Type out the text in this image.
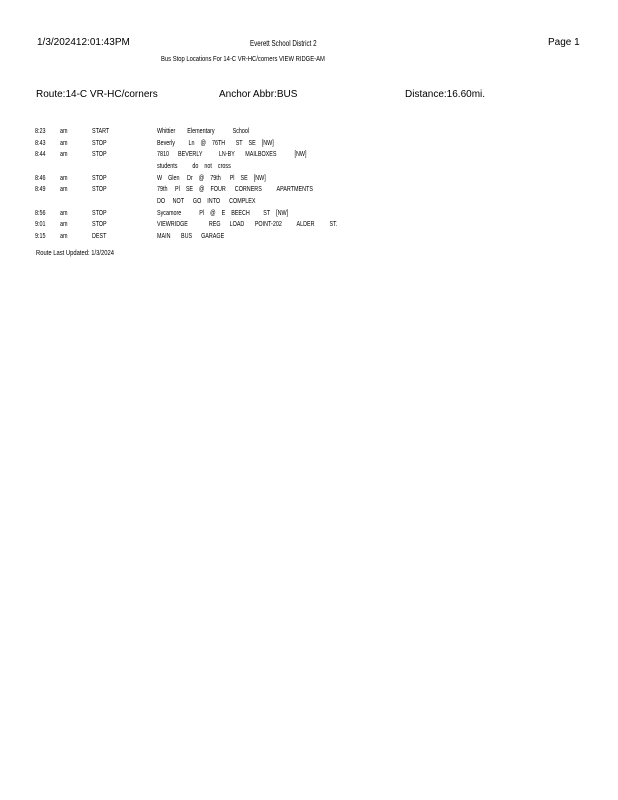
1/3/202412:01:43PM	Everett School District 2	Page 1
Bus Stop Locations For 14-C VR-HC/corners VIEW RIDGE-AM
Route:14-C VR-HC/corners	Anchor Abbr:BUS	Distance:16.60mi.
8:23 am	START	Whittier        Elementary            School
8:43 am	STOP	Beverly         Ln    @    76TH       ST    SE    [NW]
8:44 am	STOP	7810      BEVERLY           LN-BY       MAILBOXES            [NW]
students          do    not    cross
8:46 am	STOP	W    Glen     Dr    @    79th      Pl    SE    [NW]
8:49 am	STOP	79th     Pl    SE    @    FOUR      CORNERS          APARTMENTS
DO     NOT      GO    INTO      COMPLEX
8:56 am	STOP	Sycamore            Pl    @    E    BEECH         ST    [NW]
9:01 am	STOP	VIEWRIDGE              REG      LOAD       POINT-202          ALDER          ST.
9:15 am	DEST	MAIN       BUS      GARAGE
Route Last Updated: 1/3/2024
